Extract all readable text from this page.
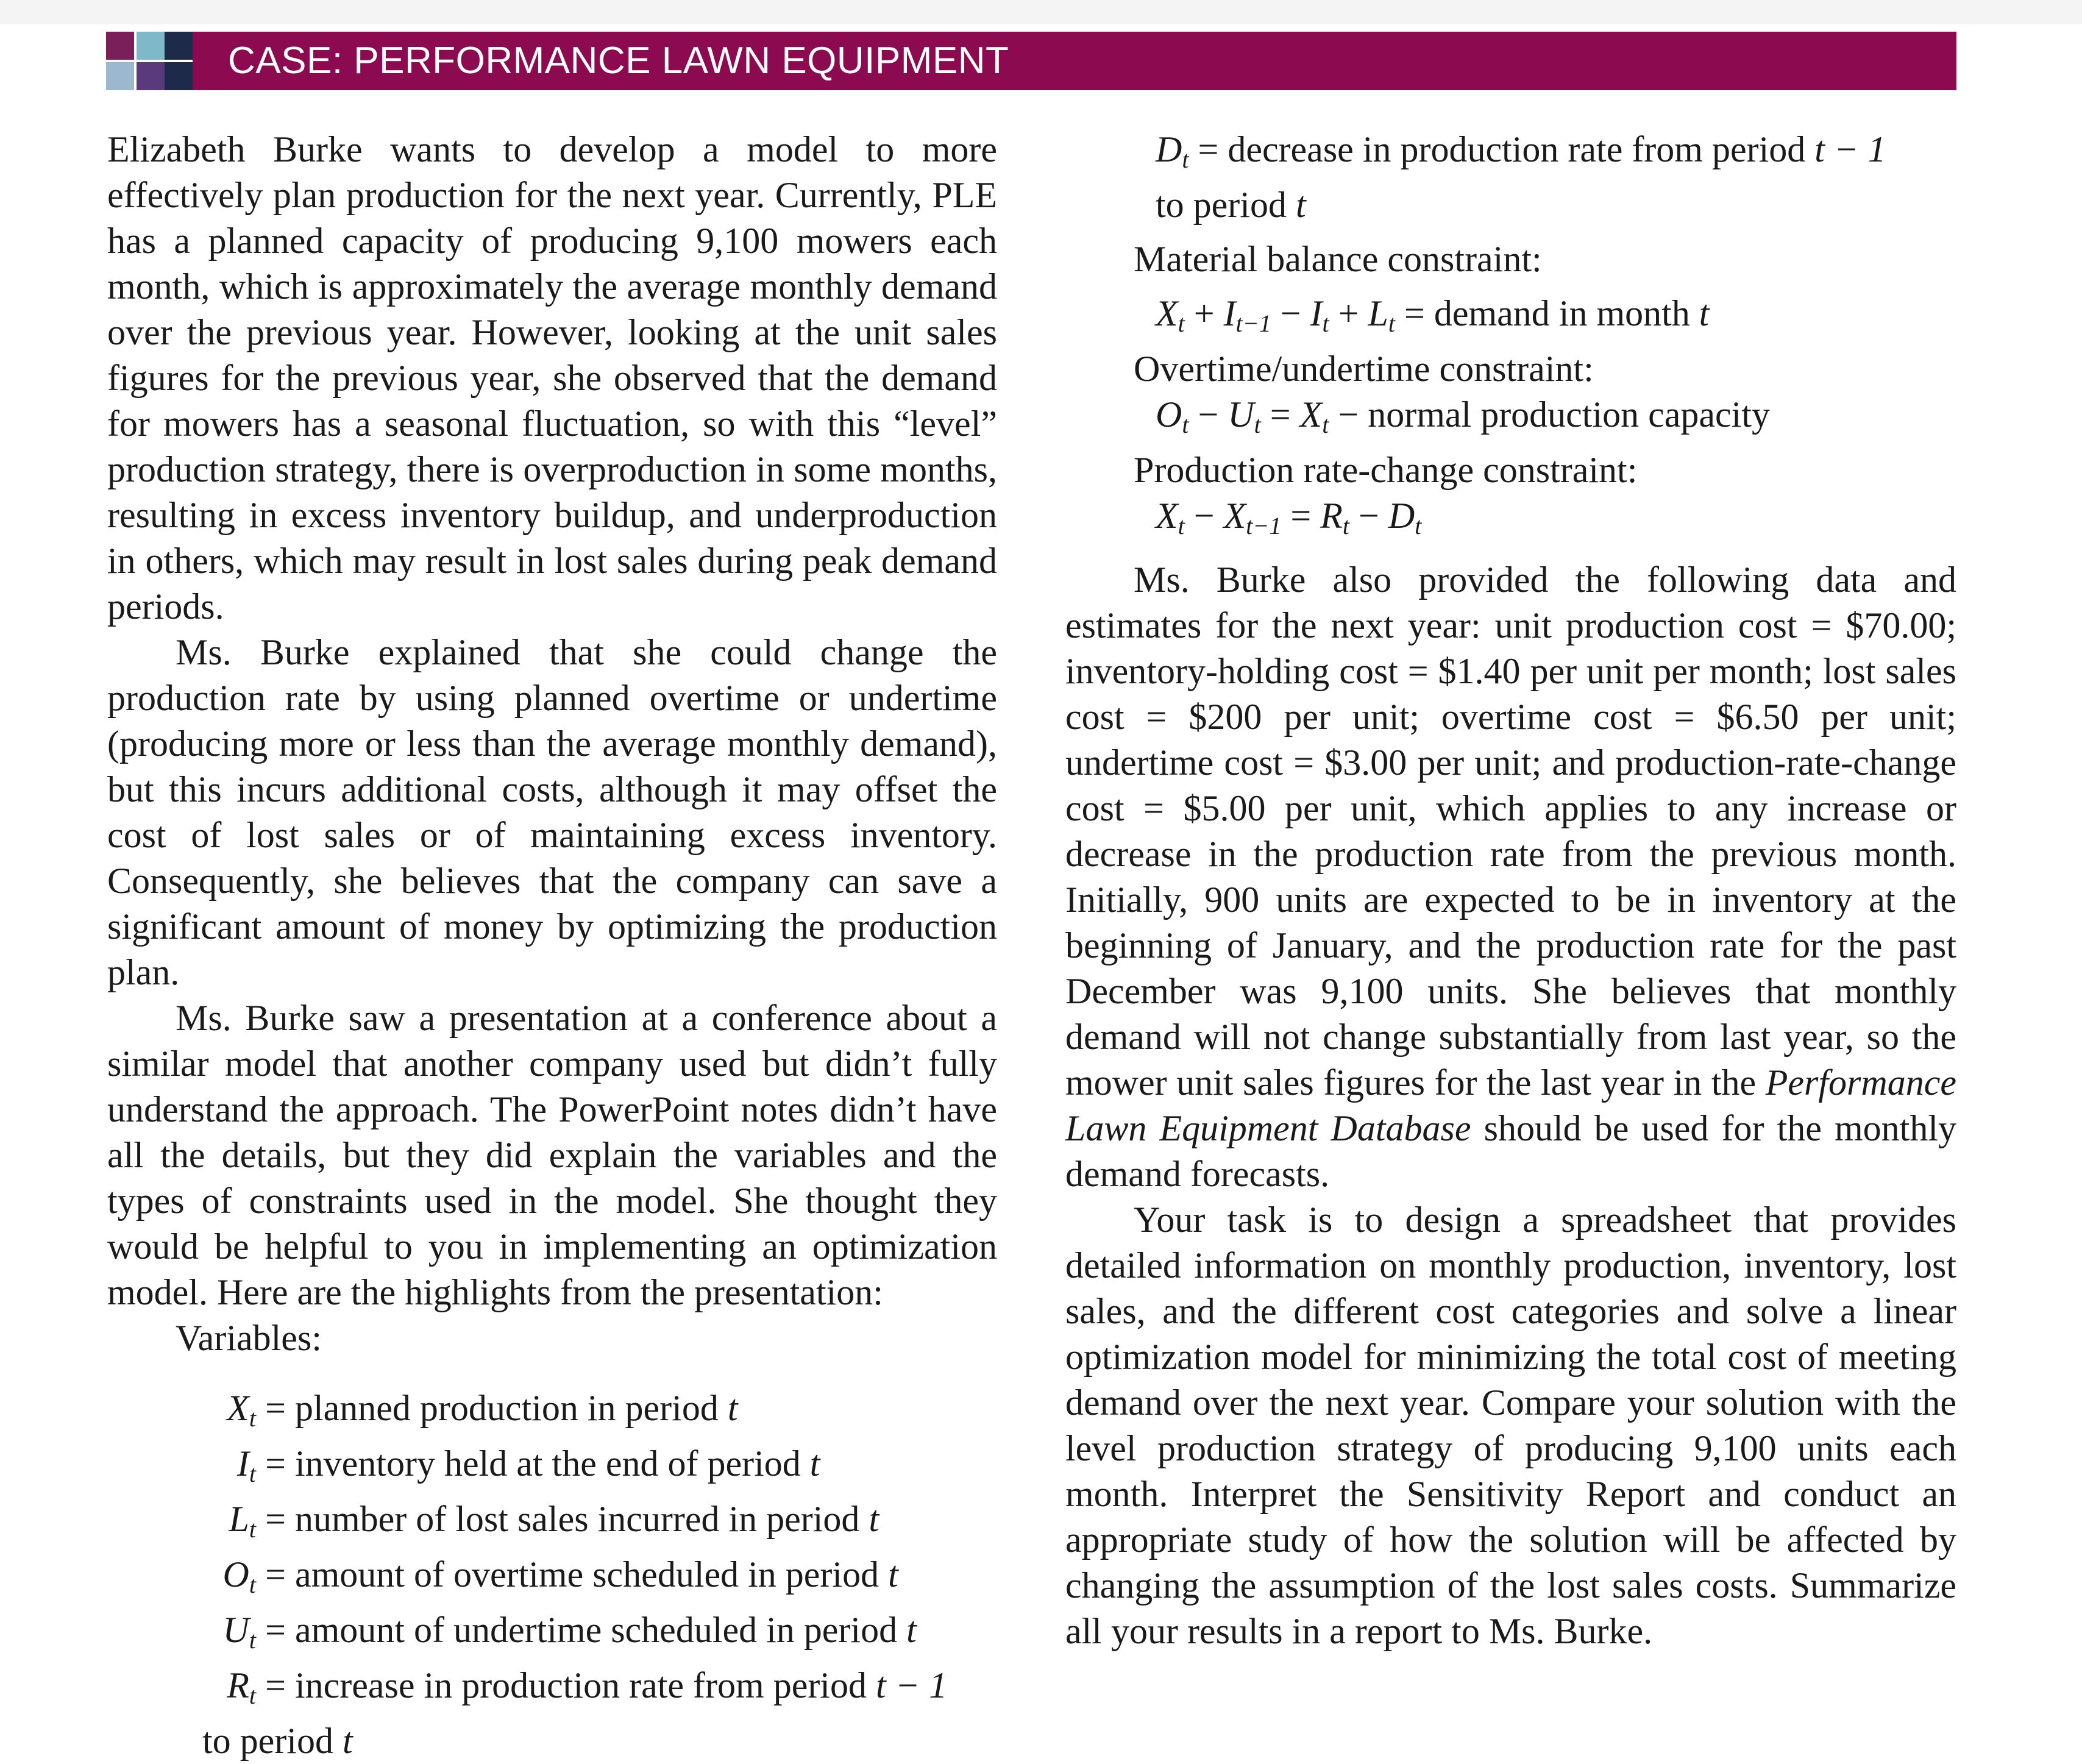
CASE: PERFORMANCE LAWN EQUIPMENT

Elizabeth Burke wants to develop a model to more effectively plan production for the next year. Currently, PLE has a planned capacity of producing 9,100 mowers each month, which is approximately the average monthly demand over the previous year. However, looking at the unit sales figures for the previous year, she observed that the demand for mowers has a seasonal fluctuation, so with this “level” production strategy, there is overproduction in some months, resulting in excess inventory buildup, and underproduction in others, which may result in lost sales during peak demand periods.

Ms. Burke explained that she could change the production rate by using planned overtime or undertime (producing more or less than the average monthly demand), but this incurs additional costs, although it may offset the cost of lost sales or of maintaining excess inventory. Consequently, she believes that the company can save a significant amount of money by optimizing the production plan.

Ms. Burke saw a presentation at a conference about a similar model that another company used but didn’t fully understand the approach. The PowerPoint notes didn’t have all the details, but they did explain the variables and the types of constraints used in the model. She thought they would be helpful to you in implementing an optimization model. Here are the highlights from the presentation:

Variables:
$X_t$ = planned production in period t
$I_t$ = inventory held at the end of period t
$L_t$ = number of lost sales incurred in period t
$O_t$ = amount of overtime scheduled in period t
$U_t$ = amount of undertime scheduled in period t
$R_t$ = increase in production rate from period t − 1
to period t
$D_t$ = decrease in production rate from period t − 1
to period t
Material balance constraint:
$X_t + I_{t-1} - I_t + L_t$ = demand in month t
Overtime/undertime constraint:
$O_t - U_t = X_t$ − normal production capacity
Production rate-change constraint:
$X_t - X_{t-1} = R_t - D_t$

Ms. Burke also provided the following data and estimates for the next year: unit production cost = $70.00; inventory-holding cost = $1.40 per unit per month; lost sales cost = $200 per unit; overtime cost = $6.50 per unit; undertime cost = $3.00 per unit; and production-rate-change cost = $5.00 per unit, which applies to any increase or decrease in the production rate from the previous month. Initially, 900 units are expected to be in inventory at the beginning of January, and the production rate for the past December was 9,100 units. She believes that monthly demand will not change substantially from last year, so the mower unit sales figures for the last year in the Performance Lawn Equipment Database should be used for the monthly demand forecasts.

Your task is to design a spreadsheet that provides detailed information on monthly production, inventory, lost sales, and the different cost categories and solve a linear optimization model for minimizing the total cost of meeting demand over the next year. Compare your solution with the level production strategy of producing 9,100 units each month. Interpret the Sensitivity Report and conduct an appropriate study of how the solution will be affected by changing the assumption of the lost sales costs. Summarize all your results in a report to Ms. Burke.
